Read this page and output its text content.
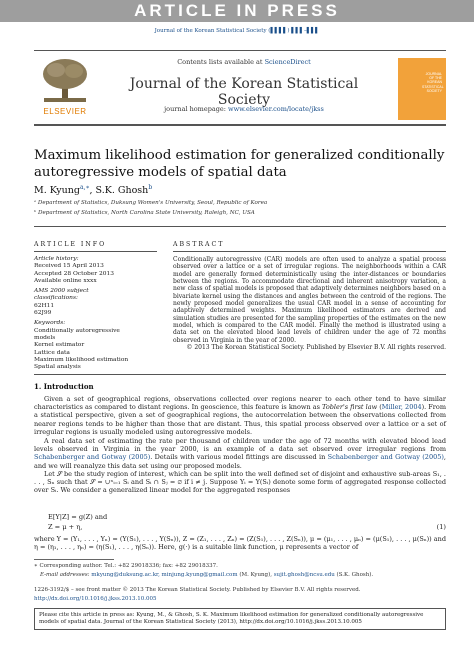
ARTICLE IN PRESS
Journal of the Korean Statistical Society (▌▌▌▌) ▌▌▌–▌▌▌
ELSEVIER
Contents lists available at ScienceDirect
Journal of the Korean Statistical Society
journal homepage: www.elsevier.com/locate/jkss
JOURNAL OF THE KOREAN STATISTICAL SOCIETY
Maximum likelihood estimation for generalized conditionally autoregressive models of spatial data
M. Kyung$^{a,∗}$, S.K. Ghosh$^b$
ᵃ Department of Statistics, Duksung Women's University, Seoul, Republic of Korea
ᵇ Department of Statistics, North Carolina State University, Raleigh, NC, USA
ARTICLE INFO	ABSTRACT
Article history:
Received 15 April 2013
Accepted 28 October 2013
Available online xxxx
AMS 2000 subject classifications:
62H11
62J99
Keywords:
Conditionally autoregressive models
Kernel estimator
Lattice data
Maximum likelihood estimation
Spatial analysis
Conditionally autoregressive (CAR) models are often used to analyze a spatial process observed over a lattice or a set of irregular regions. The neighborhoods within a CAR model are generally formed deterministically using the inter-distances or boundaries between the regions. To accommodate directional and inherent anisotropy variation, a new class of spatial models is proposed that adaptively determines neighbors based on a bivariate kernel using the distances and angles between the centroid of the regions. The newly proposed model generalizes the usual CAR model in a sense of accounting for adaptively determined weights. Maximum likelihood estimators are derived and simulation studies are presented for the sampling properties of the estimates on the new model, which is compared to the CAR model. Finally the method is illustrated using a data set on the elevated blood lead levels of children under the age of 72 months observed in Virginia in the year of 2000.
© 2013 The Korean Statistical Society. Published by Elsevier B.V. All rights reserved.
1. Introduction
Given a set of geographical regions, observations collected over regions nearer to each other tend to have similar characteristics as compared to distant regions. In geoscience, this feature is known as Tobler's first law (Miller, 2004). From a statistical perspective, given a set of geographical regions, the autocorrelation between the observations collected from nearer regions tends to be higher than those that are distant. Thus, this spatial process observed over a lattice or a set of irregular regions is usually modeled using autoregressive models.
A real data set of estimating the rate per thousand of children under the age of 72 months with elevated blood lead levels observed in Virginia in the year 2000, is an example of a data set observed over irregular regions from Schabenberger and Gotway (2005). Details with various model fittings are discussed in Schabenberger and Gotway (2005), and we will reanalyze this data set using our proposed models.
Let 𝒮 be the study region of interest, which can be split into the well defined set of disjoint and exhaustive sub-areas S₁, . . . , Sₙ such that 𝒮 = ∪ⁿᵢ₌₁ Sᵢ and Sᵢ ∩ Sⱼ = ∅ if i ≠ j. Suppose Yᵢ = Y(Sᵢ) denote some form of aggregated response collected over Sᵢ. We consider a generalized linear model for the aggregated responses
E[Y|Z] = g(Z) and
Z = μ + η,	(1)
where Y = (Y₁, . . . , Yₙ) = (Y(S₁), . . . , Y(Sₙ)), Z = (Z₁, . . . , Zₙ) = (Z(S₁), . . . , Z(Sₙ)), μ = (μ₁, . . . , μₙ) = (μ(S₁), . . . , μ(Sₙ)) and η = (η₁, . . . , ηₙ) = (η(S₁), . . . , η(Sₙ)). Here, g(·) is a suitable link function, μ represents a vector of
∗ Corresponding author. Tel.: +82 29018336; fax: +82 29018337.
E-mail addresses: mkyung@duksung.ac.kr, minjung.kyung@gmail.com (M. Kyung), sujit.ghosh@ncsu.edu (S.K. Ghosh).
1226-3192/$ – see front matter © 2013 The Korean Statistical Society. Published by Elsevier B.V. All rights reserved.
http://dx.doi.org/10.1016/j.jkss.2013.10.005
Please cite this article in press as: Kyung, M., & Ghosh, S. K. Maximum likelihood estimation for generalized conditionally autoregressive models of spatial data. Journal of the Korean Statistical Society (2013), http://dx.doi.org/10.1016/j.jkss.2013.10.005
